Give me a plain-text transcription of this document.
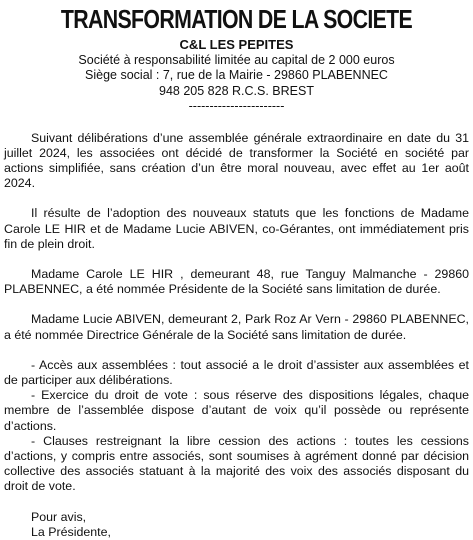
TRANSFORMATION DE LA SOCIETE
C&L LES PEPITES
Société à responsabilité limitée au capital de 2 000 euros
Siège social : 7, rue de la Mairie - 29860 PLABENNEC
948 205 828 R.C.S. BREST
-----------------------

Suivant délibérations d’une assemblée générale extraordinaire en date du 31 juillet 2024, les associées ont décidé de transformer la Société en société par actions simplifiée, sans création d’un être moral nouveau, avec effet au 1er août 2024.

Il résulte de l’adoption des nouveaux statuts que les fonctions de Madame Carole LE HIR et de Madame Lucie ABIVEN, co-Gérantes, ont immédiatement pris fin de plein droit.

Madame Carole LE HIR , demeurant 48, rue Tanguy Malmanche - 29860 PLABENNEC, a été nommée Présidente de la Société sans limitation de durée.

Madame Lucie ABIVEN, demeurant 2, Park Roz Ar Vern - 29860 PLABENNEC, a été nommée Directrice Générale de la Société sans limitation de durée.

- Accès aux assemblées : tout associé a le droit d’assister aux assemblées et de participer aux délibérations.

- Exercice du droit de vote : sous réserve des dispositions légales, chaque membre de l’assemblée dispose d’autant de voix qu’il possède ou représente d’actions.

- Clauses restreignant la libre cession des actions : toutes les cessions d’actions, y compris entre associés, sont soumises à agrément donné par décision collective des associés statuant à la majorité des voix des associés disposant du droit de vote.

Pour avis,
La Présidente,
